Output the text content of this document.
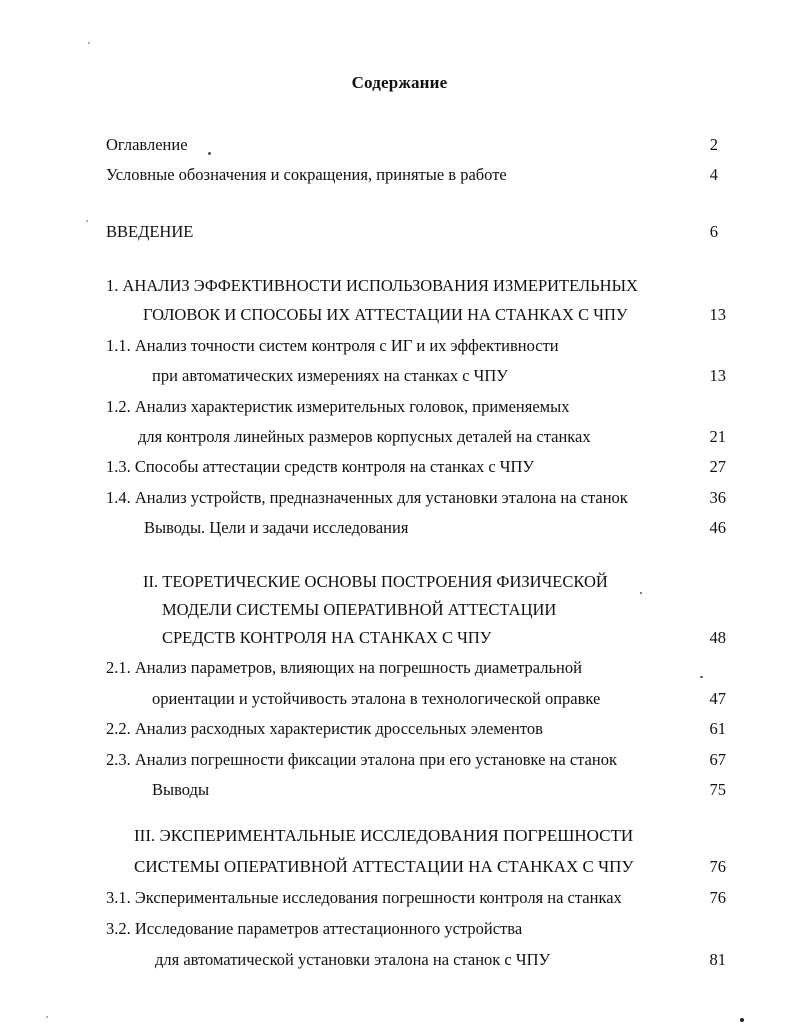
Содержание
Оглавление	2
Условные обозначения и сокращения, принятые в работе	4
ВВЕДЕНИЕ	6
1. АНАЛИЗ ЭФФЕКТИВНОСТИ ИСПОЛЬЗОВАНИЯ ИЗМЕРИТЕЛЬНЫХ
ГОЛОВОК И СПОСОБЫ ИХ АТТЕСТАЦИИ НА СТАНКАХ С ЧПУ	13
1.1. Анализ точности систем контроля с ИГ и их эффективности
при автоматических измерениях на станках с ЧПУ	13
1.2. Анализ характеристик измерительных головок, применяемых
для контроля линейных размеров корпусных деталей на станках	21
1.3. Способы аттестации средств контроля на станках с ЧПУ	27
1.4. Анализ устройств, предназначенных для установки эталона на станок	36
Выводы. Цели и задачи исследования	46
II. ТЕОРЕТИЧЕСКИЕ ОСНОВЫ ПОСТРОЕНИЯ ФИЗИЧЕСКОЙ
МОДЕЛИ СИСТЕМЫ ОПЕРАТИВНОЙ АТТЕСТАЦИИ
СРЕДСТВ КОНТРОЛЯ НА СТАНКАХ С ЧПУ	48
2.1. Анализ параметров, влияющих на погрешность диаметральной
ориентации и устойчивость эталона в технологической оправке	47
2.2. Анализ расходных характеристик дроссельных элементов	61
2.3. Анализ погрешности фиксации эталона при его установке на станок	67
Выводы	75
III. ЭКСПЕРИМЕНТАЛЬНЫЕ ИССЛЕДОВАНИЯ ПОГРЕШНОСТИ
СИСТЕМЫ ОПЕРАТИВНОЙ АТТЕСТАЦИИ НА СТАНКАХ С ЧПУ	76
3.1. Экспериментальные исследования погрешности контроля на станках	76
3.2. Исследование параметров аттестационного устройства
для автоматической установки эталона на станок с ЧПУ	81
